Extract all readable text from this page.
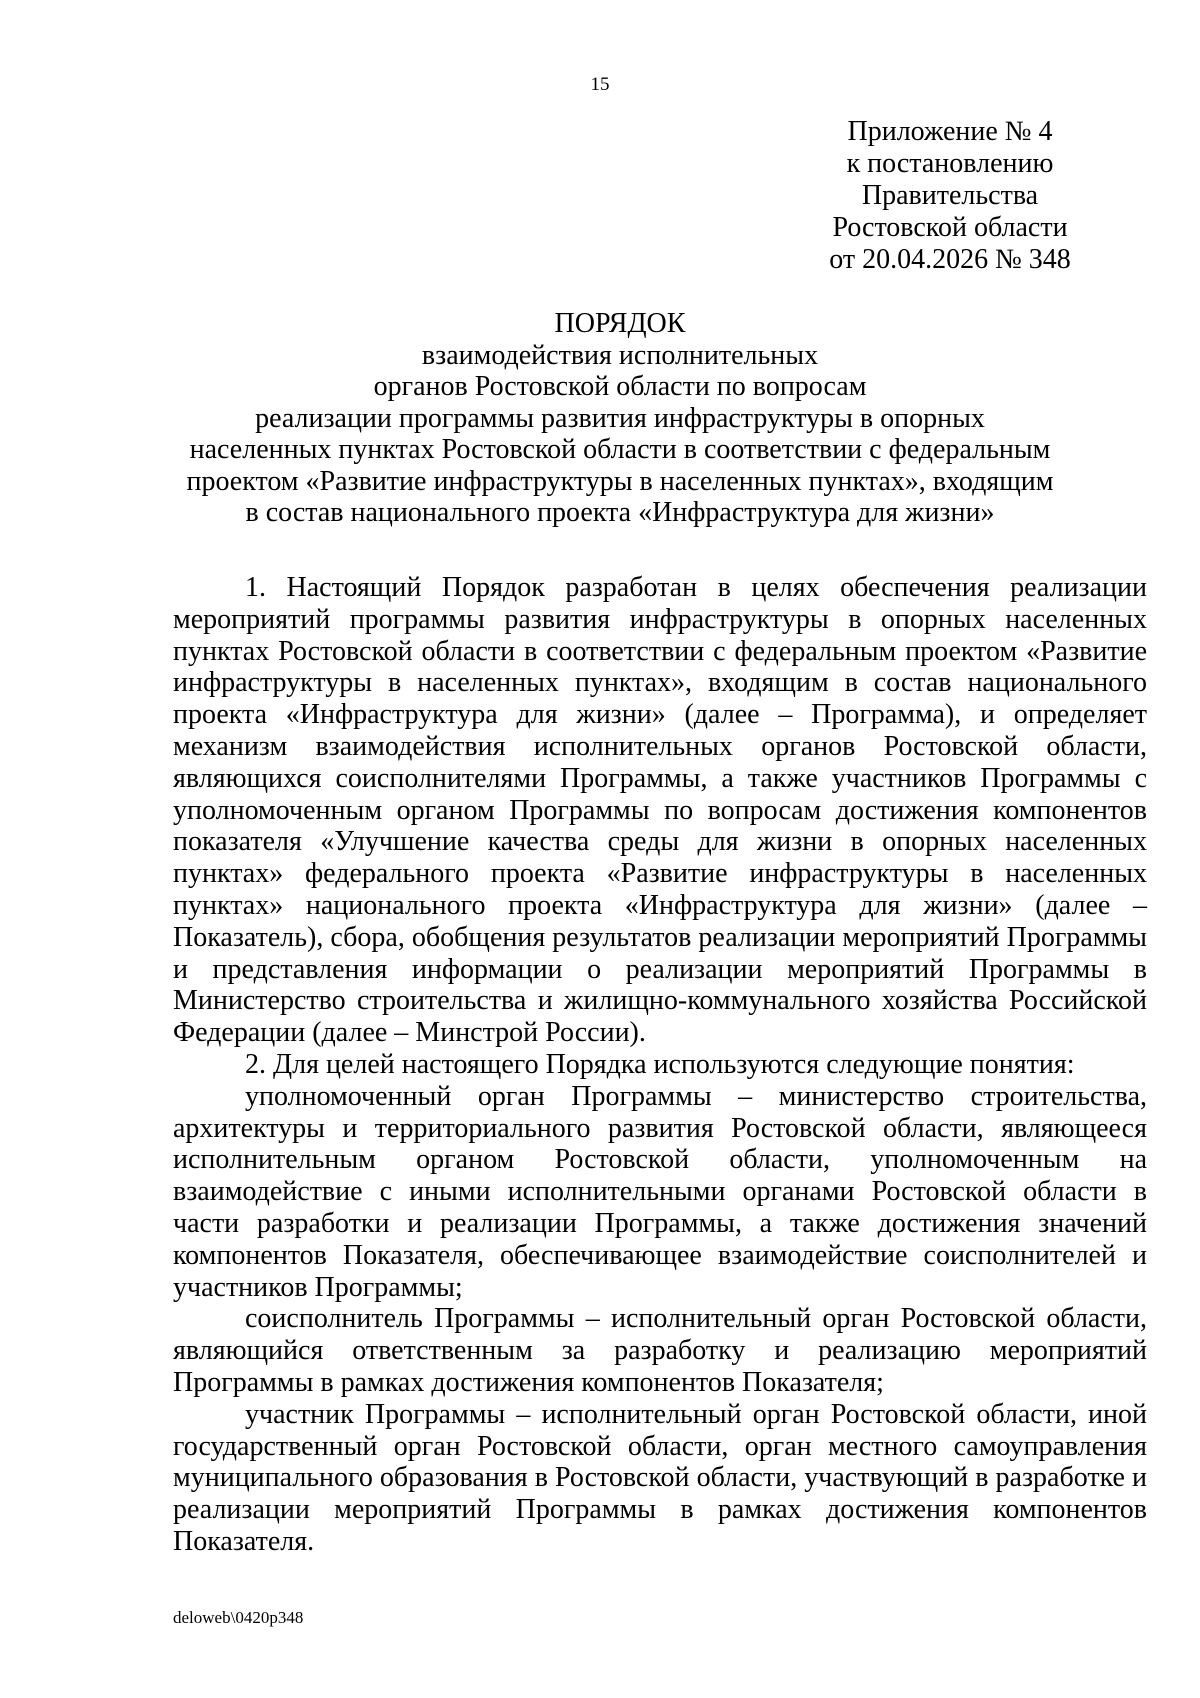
15
Приложение № 4
к постановлению
Правительства
Ростовской области
от 20.04.2026 № 348
ПОРЯДОК
взаимодействия исполнительных
органов Ростовской области по вопросам
реализации программы развития инфраструктуры в опорных
населенных пунктах Ростовской области в соответствии с федеральным
проектом «Развитие инфраструктуры в населенных пунктах», входящим
в состав национального проекта «Инфраструктура для жизни»

1. Настоящий Порядок разработан в целях обеспечения реализации мероприятий программы развития инфраструктуры в опорных населенных пунктах Ростовской области в соответствии с федеральным проектом «Развитие инфраструктуры в населенных пунктах», входящим в состав национального проекта «Инфраструктура для жизни» (далее – Программа), и определяет механизм взаимодействия исполнительных органов Ростовской области, являющихся соисполнителями Программы, а также участников Программы с уполномоченным органом Программы по вопросам достижения компонентов показателя «Улучшение качества среды для жизни в опорных населенных пунктах» федерального проекта «Развитие инфраструктуры в населенных пунктах» национального проекта «Инфраструктура для жизни» (далее – Показатель), сбора, обобщения результатов реализации мероприятий Программы и представления информации о реализации мероприятий Программы в Министерство строительства и жилищно-коммунального хозяйства Российской Федерации (далее – Минстрой России).

2. Для целей настоящего Порядка используются следующие понятия:

уполномоченный орган Программы – министерство строительства, архитектуры и территориального развития Ростовской области, являющееся исполнительным органом Ростовской области, уполномоченным на взаимодействие с иными исполнительными органами Ростовской области в части разработки и реализации Программы, а также достижения значений компонентов Показателя, обеспечивающее взаимодействие соисполнителей и участников Программы;

соисполнитель Программы – исполнительный орган Ростовской области, являющийся ответственным за разработку и реализацию мероприятий Программы в рамках достижения компонентов Показателя;

участник Программы – исполнительный орган Ростовской области, иной государственный орган Ростовской области, орган местного самоуправления муниципального образования в Ростовской области, участвующий в разработке и реализации мероприятий Программы в рамках достижения компонентов Показателя.

deloweb\0420p348
